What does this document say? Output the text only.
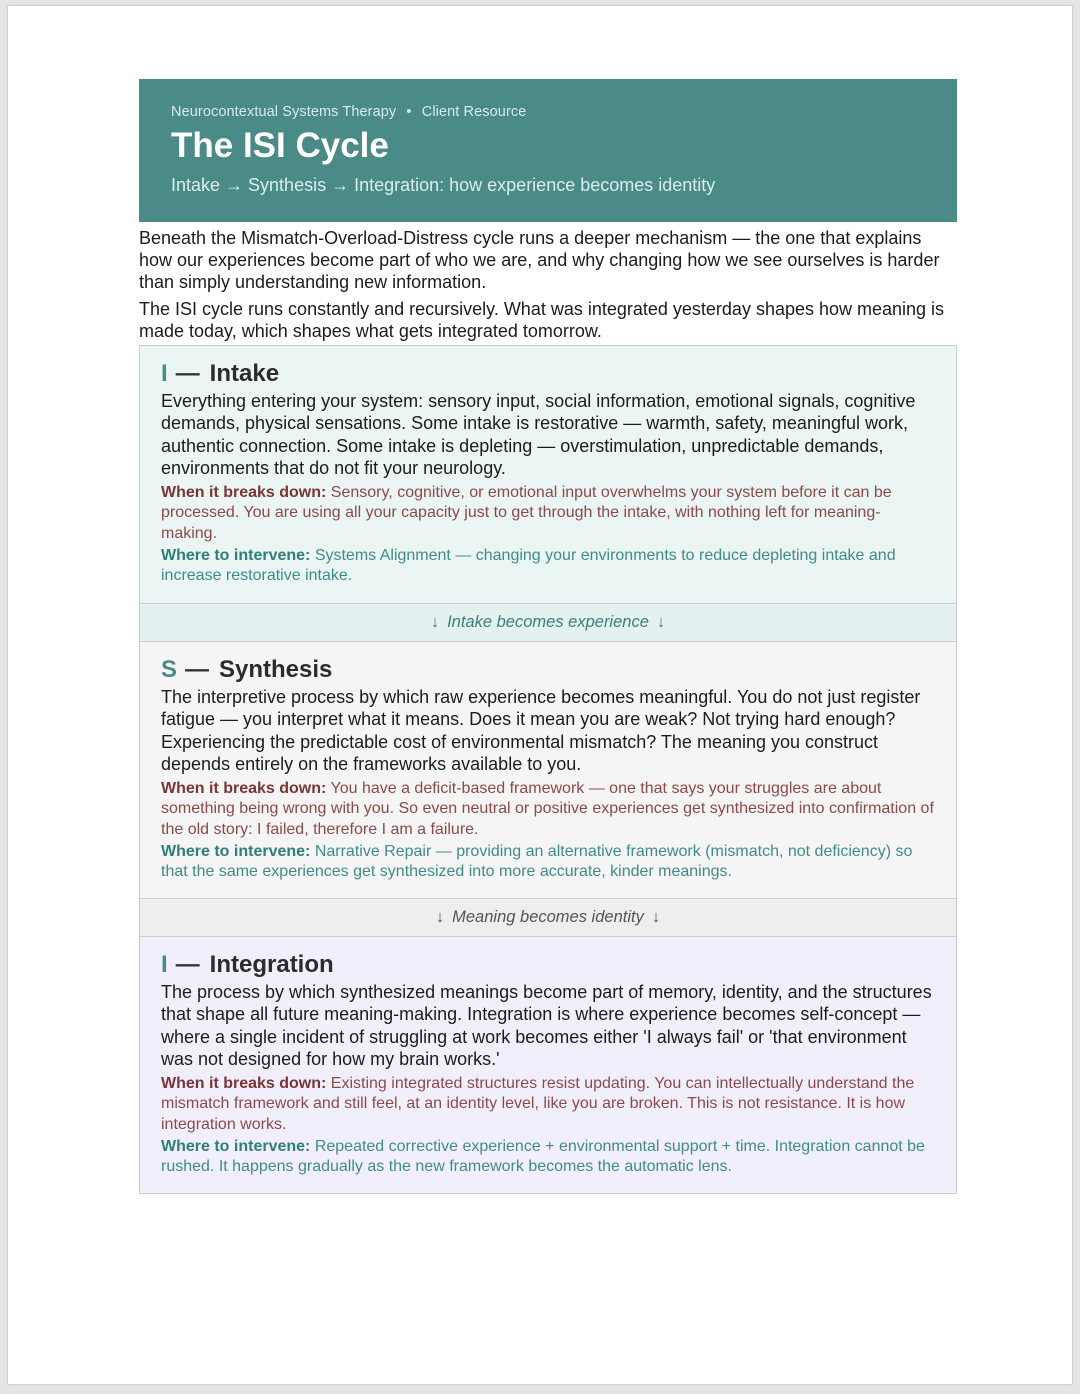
Neurocontextual Systems Therapy • Client Resource
The ISI Cycle
Intake → Synthesis → Integration: how experience becomes identity

Beneath the Mismatch-Overload-Distress cycle runs a deeper mechanism — the one that explains how our experiences become part of who we are, and why changing how we see ourselves is harder than simply understanding new information.

The ISI cycle runs constantly and recursively. What was integrated yesterday shapes how meaning is made today, which shapes what gets integrated tomorrow.

I — Intake

Everything entering your system: sensory input, social information, emotional signals, cognitive demands, physical sensations. Some intake is restorative — warmth, safety, meaningful work, authentic connection. Some intake is depleting — overstimulation, unpredictable demands, environments that do not fit your neurology.

When it breaks down: Sensory, cognitive, or emotional input overwhelms your system before it can be processed. You are using all your capacity just to get through the intake, with nothing left for meaning-making.

Where to intervene: Systems Alignment — changing your environments to reduce depleting intake and increase restorative intake.

↓ Intake becomes experience ↓
S — Synthesis

The interpretive process by which raw experience becomes meaningful. You do not just register fatigue — you interpret what it means. Does it mean you are weak? Not trying hard enough? Experiencing the predictable cost of environmental mismatch? The meaning you construct depends entirely on the frameworks available to you.

When it breaks down: You have a deficit-based framework — one that says your struggles are about something being wrong with you. So even neutral or positive experiences get synthesized into confirmation of the old story: I failed, therefore I am a failure.

Where to intervene: Narrative Repair — providing an alternative framework (mismatch, not deficiency) so that the same experiences get synthesized into more accurate, kinder meanings.

↓ Meaning becomes identity ↓
I — Integration

The process by which synthesized meanings become part of memory, identity, and the structures that shape all future meaning-making. Integration is where experience becomes self-concept — where a single incident of struggling at work becomes either 'I always fail' or 'that environment was not designed for how my brain works.'

When it breaks down: Existing integrated structures resist updating. You can intellectually understand the mismatch framework and still feel, at an identity level, like you are broken. This is not resistance. It is how integration works.

Where to intervene: Repeated corrective experience + environmental support + time. Integration cannot be rushed. It happens gradually as the new framework becomes the automatic lens.
